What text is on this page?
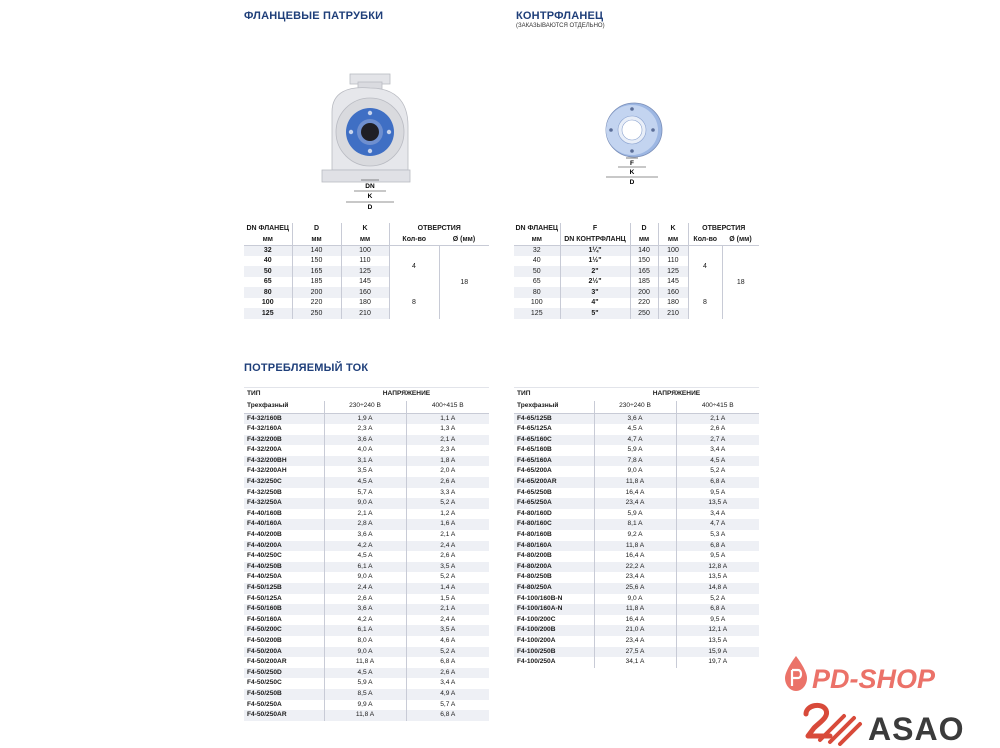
ФЛАНЦЕВЫЕ ПАТРУБКИ	КОНТРФЛАНЕЦ
(ЗАКАЗЫВАЮТСЯ ОТДЕЛЬНО)
ПОТРЕБЛЯЕМЫЙ ТОК
DN
K
D
F
K
D
DN ФЛАНЕЦ	D	K	ОТВЕРСТИЯ	
мм	мм	мм	Кол-во	Ø (мм)
32	140	100	4	18
40	150	110		
50	165	125		
65	185	145		
80	200	160	8	
100	220	180		
125	250	210		
DN ФЛАНЕЦ	F	D	K	ОТВЕРСТИЯ	
мм	DN КОНТРФЛАНЦ	мм	мм	Кол-во	Ø (мм)
32	1¼"	140	100	4	18
40	1½"	150	110		
50	2"	165	125		
65	2½"	185	145		
80	3"	200	160	8	
100	4"	220	180		
125	5"	250	210		
ТИП	НАПРЯЖЕНИЕ	
Трехфазный	230÷240 В	400÷415 В
F4-32/160B	1,9 A	1,1 A
F4-32/160A	2,3 A	1,3 A
F4-32/200B	3,6 A	2,1 A
F4-32/200A	4,0 A	2,3 A
F4-32/200BH	3,1 A	1,8 A
F4-32/200AH	3,5 A	2,0 A
F4-32/250C	4,5 A	2,6 A
F4-32/250B	5,7 A	3,3 A
F4-32/250A	9,0 A	5,2 A
F4-40/160B	2,1 A	1,2 A
F4-40/160A	2,8 A	1,6 A
F4-40/200B	3,6 A	2,1 A
F4-40/200A	4,2 A	2,4 A
F4-40/250C	4,5 A	2,6 A
F4-40/250B	6,1 A	3,5 A
F4-40/250A	9,0 A	5,2 A
F4-50/125B	2,4 A	1,4 A
F4-50/125A	2,6 A	1,5 A
F4-50/160B	3,6 A	2,1 A
F4-50/160A	4,2 A	2,4 A
F4-50/200C	6,1 A	3,5 A
F4-50/200B	8,0 A	4,6 A
F4-50/200A	9,0 A	5,2 A
F4-50/200AR	11,8 A	6,8 A
F4-50/250D	4,5 A	2,6 A
F4-50/250C	5,9 A	3,4 A
F4-50/250B	8,5 A	4,9 A
F4-50/250A	9,9 A	5,7 A
F4-50/250AR	11,8 A	6,8 A
ТИП	НАПРЯЖЕНИЕ	
Трехфазный	230÷240 В	400÷415 В
F4-65/125B	3,6 A	2,1 A
F4-65/125A	4,5 A	2,6 A
F4-65/160C	4,7 A	2,7 A
F4-65/160B	5,9 A	3,4 A
F4-65/160A	7,8 A	4,5 A
F4-65/200A	9,0 A	5,2 A
F4-65/200AR	11,8 A	6,8 A
F4-65/250B	16,4 A	9,5 A
F4-65/250A	23,4 A	13,5 A
F4-80/160D	5,9 A	3,4 A
F4-80/160C	8,1 A	4,7 A
F4-80/160B	9,2 A	5,3 A
F4-80/160A	11,8 A	6,8 A
F4-80/200B	16,4 A	9,5 A
F4-80/200A	22,2 A	12,8 A
F4-80/250B	23,4 A	13,5 A
F4-80/250A	25,6 A	14,8 A
F4-100/160B-N	9,0 A	5,2 A
F4-100/160A-N	11,8 A	6,8 A
F4-100/200C	16,4 A	9,5 A
F4-100/200B	21,0 A	12,1 A
F4-100/200A	23,4 A	13,5 A
F4-100/250B	27,5 A	15,9 A
F4-100/250A	34,1 A	19,7 A
PD-SHOP
ASAO
